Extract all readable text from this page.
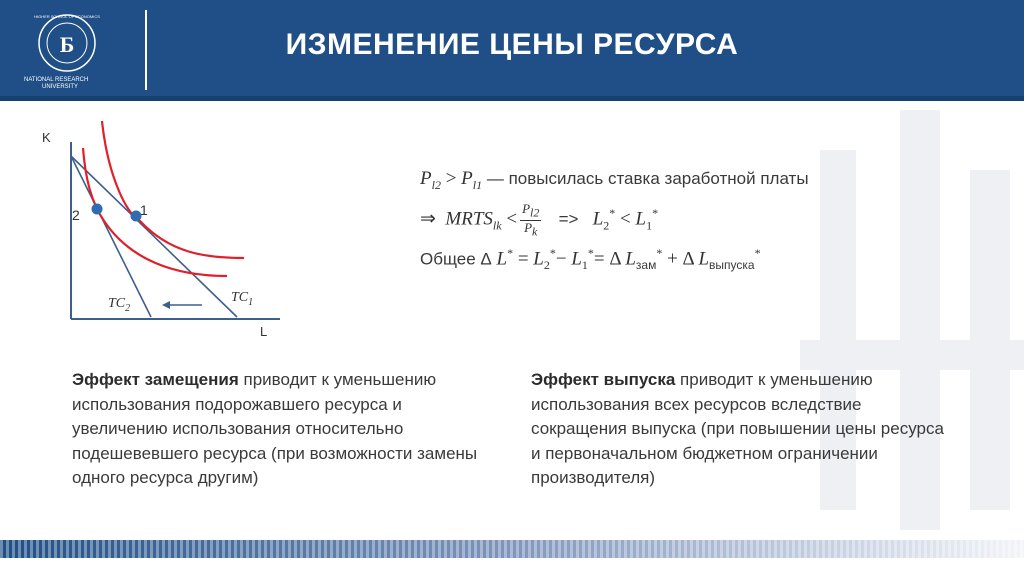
Б
HIGHER SCHOOL OF ECONOMICS
NATIONAL RESEARCH
UNIVERSITY
ИЗМЕНЕНИЕ ЦЕНЫ РЕСУРСА
K
L
1
2
$TC_2$
$TC_1$
$P_{l2} > P_{l1}$ — повысилась ставка заработной платы
⇒  $MRTS_{lk} < \frac{P_{l2}}{P_k} => L_2^* < L_1^*$
Общее Δ $L^* = L_2^*- L_1^*= \Delta$ $L_{зам}^* + \Delta$ $L_{выпуска}^*$
Эффект замещения приводит к уменьшению использования подорожавшего ресурса и увеличению использования относительно подешевевшего ресурса (при возможности замены одного ресурса другим)
Эффект выпуска приводит к уменьшению использования всех ресурсов вследствие сокращения выпуска (при повышении цены ресурса и первоначальном бюджетном ограничении производителя)
